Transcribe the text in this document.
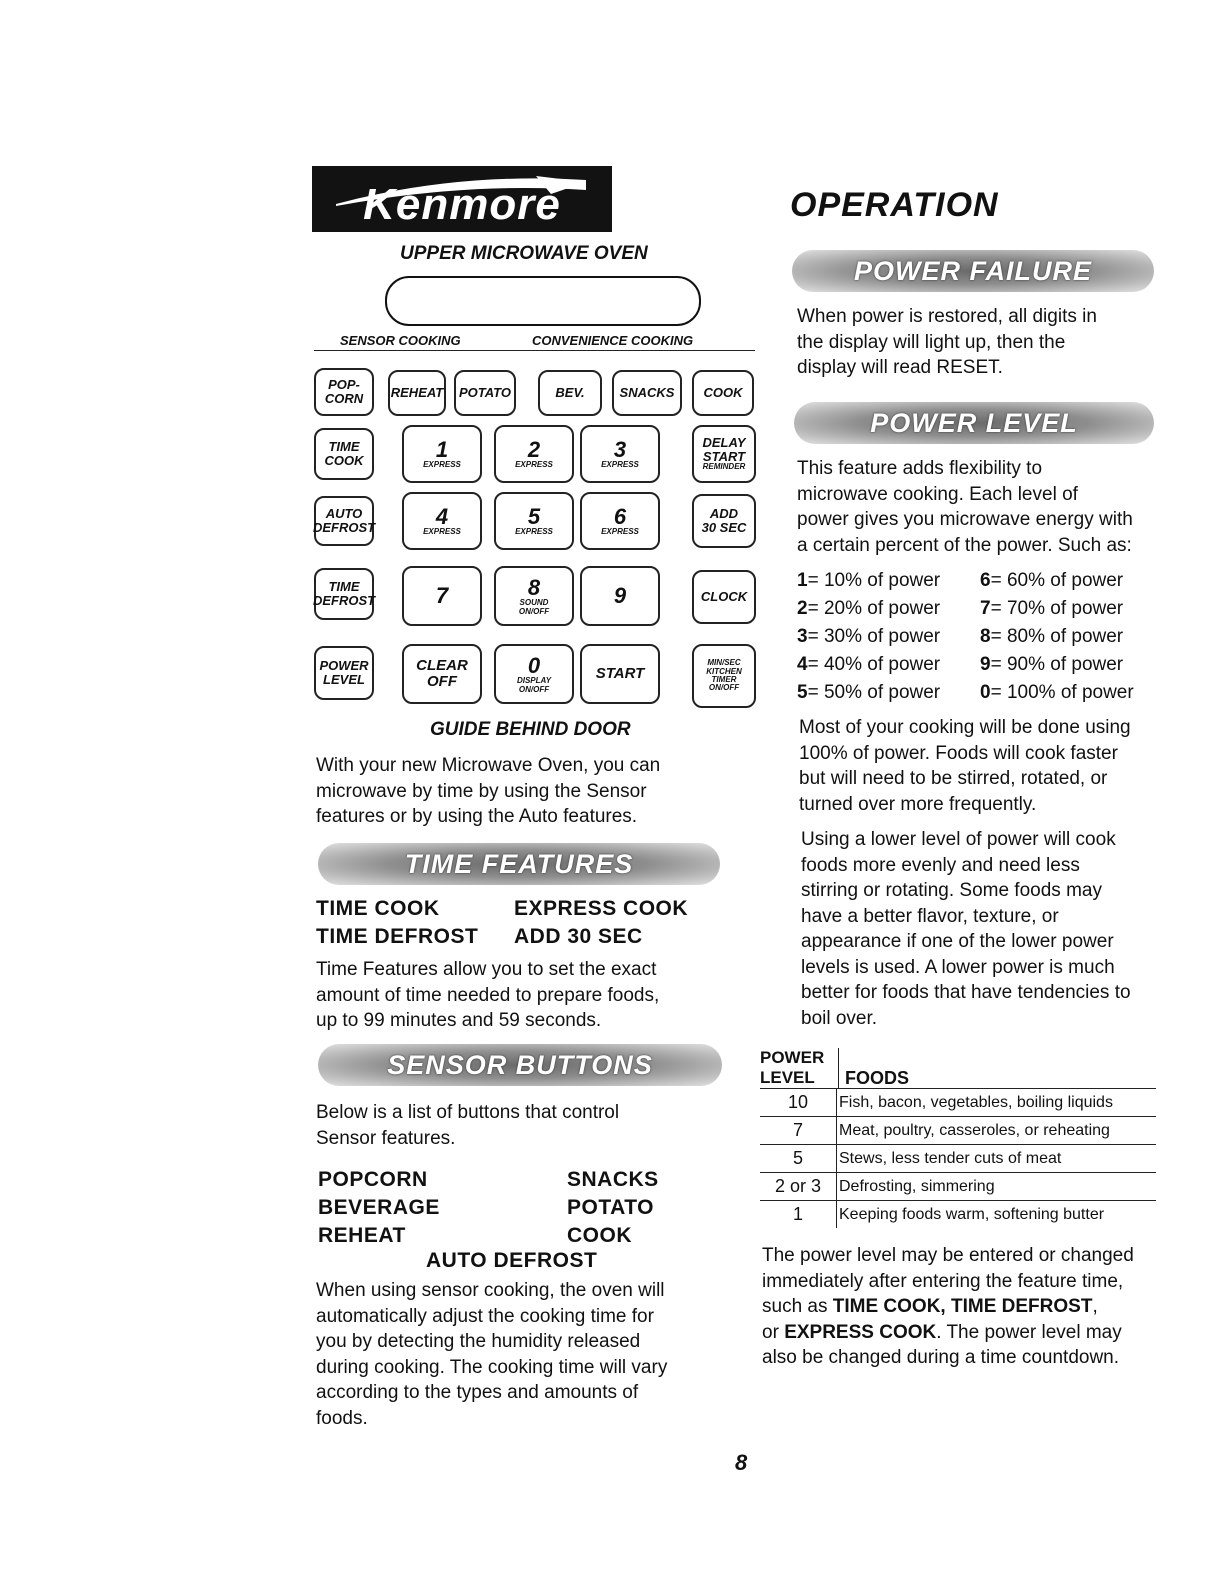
Kenmore
UPPER MICROWAVE OVEN
SENSOR COOKING	CONVENIENCE COOKING
POP-
CORN REHEAT POTATO	BEV.	SNACKS COOK
TIME
COOK	1
EXPRESS
2
EXPRESS
3
EXPRESS
DELAY
START
REMINDER
AUTO
DEFROST	4
EXPRESS
5
EXPRESS
6
EXPRESS
ADD
30 SEC
TIME
DEFROST	7	8
SOUND
ON/OFF
9	CLOCK
POWER
LEVEL
CLEAR
OFF
0
DISPLAY
ON/OFF
START
MIN/SEC
KITCHEN
TIMER
ON/OFF
GUIDE BEHIND DOOR
With your new Microwave Oven, you can
microwave by time by using the Sensor
features or by using the Auto features.
TIME FEATURES
TIME COOK	EXPRESS COOK
TIME DEFROST ADD 30 SEC
Time Features allow you to set the exact
amount of time needed to prepare foods,
up to 99 minutes and 59 seconds.
SENSOR BUTTONS
Below is a list of buttons that control
Sensor features.
POPCORN	SNACKS
BEVERAGE	POTATO
REHEAT	COOK
AUTO DEFROST
When using sensor cooking, the oven will
automatically adjust the cooking time for
you by detecting the humidity released
during cooking. The cooking time will vary
according to the types and amounts of
foods.
OPERATION
POWER FAILURE
When power is restored, all digits in
the display will light up, then the
display will read RESET.
POWER LEVEL
This feature adds flexibility to
microwave cooking. Each level of
power gives you microwave energy with
a certain percent of the power. Such as:
1= 10% of power
2= 20% of power
3= 30% of power
4= 40% of power
5= 50% of power
6= 60% of power
7= 70% of power
8= 80% of power
9= 90% of power
0= 100% of power
Most of your cooking will be done using
100% of power. Foods will cook faster
but will need to be stirred, rotated, or
turned over more frequently.
Using a lower level of power will cook
foods more evenly and need less
stirring or rotating. Some foods may
have a better flavor, texture, or
appearance if one of the lower power
levels is used. A lower power is much
better for foods that have tendencies to
boil over.
POWER
LEVEL	FOODS
10	Fish, bacon, vegetables, boiling liquids
7	Meat, poultry, casseroles, or reheating
5	Stews, less tender cuts of meat
2 or 3	Defrosting, simmering
1	Keeping foods warm, softening butter
The power level may be entered or changed
immediately after entering the feature time,
such as TIME COOK, TIME DEFROST,
or EXPRESS COOK. The power level may
also be changed during a time countdown.
8
